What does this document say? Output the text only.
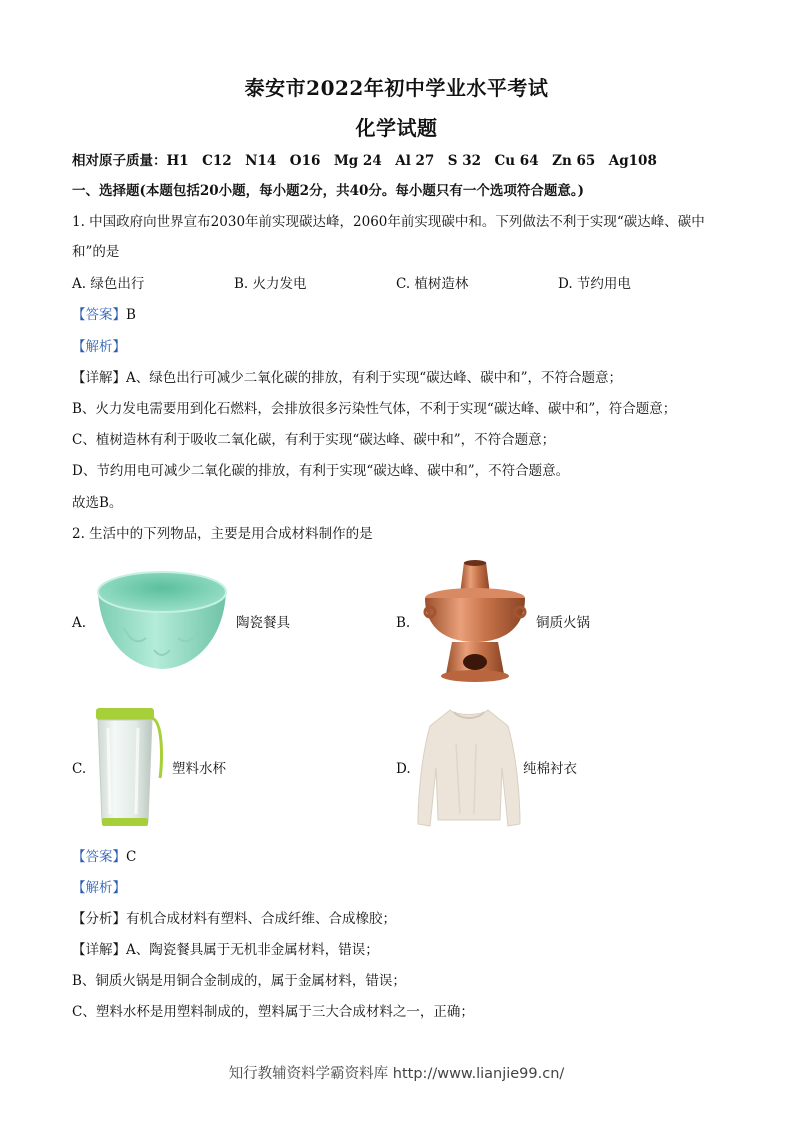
泰安市2022年初中学业水平考试
化学试题
相对原子质量：H1　C12　N14　O16　Mg 24　Al 27　S 32　Cu 64　Zn 65　Ag108
一、选择题(本题包括20小题，每小题2分，共40分。每小题只有一个选项符合题意。)
1. 中国政府向世界宣布2030年前实现碳达峰，2060年前实现碳中和。下列做法不利于实现“碳达峰、碳中
和”的是
A. 绿色出行	B. 火力发电	C. 植树造林	D. 节约用电
【答案】B
【解析】
【详解】A、绿色出行可减少二氧化碳的排放，有利于实现“碳达峰、碳中和”，不符合题意；
B、火力发电需要用到化石燃料，会排放很多污染性气体，不利于实现“碳达峰、碳中和”，符合题意；
C、植树造林有利于吸收二氧化碳，有利于实现“碳达峰、碳中和”，不符合题意；
D、节约用电可减少二氧化碳的排放，有利于实现“碳达峰、碳中和”，不符合题意。
故选B。
2. 生活中的下列物品，主要是用合成材料制作的是
A.	陶瓷餐具	B.	铜质火锅
C.	塑料水杯	D.	纯棉衬衣
【答案】C
【解析】
【分析】有机合成材料有塑料、合成纤维、合成橡胶；
【详解】A、陶瓷餐具属于无机非金属材料，错误；
B、铜质火锅是用铜合金制成的，属于金属材料，错误；
C、塑料水杯是用塑料制成的，塑料属于三大合成材料之一，正确；
知行教辅资料学霸资料库 http://www.lianjie99.cn/
